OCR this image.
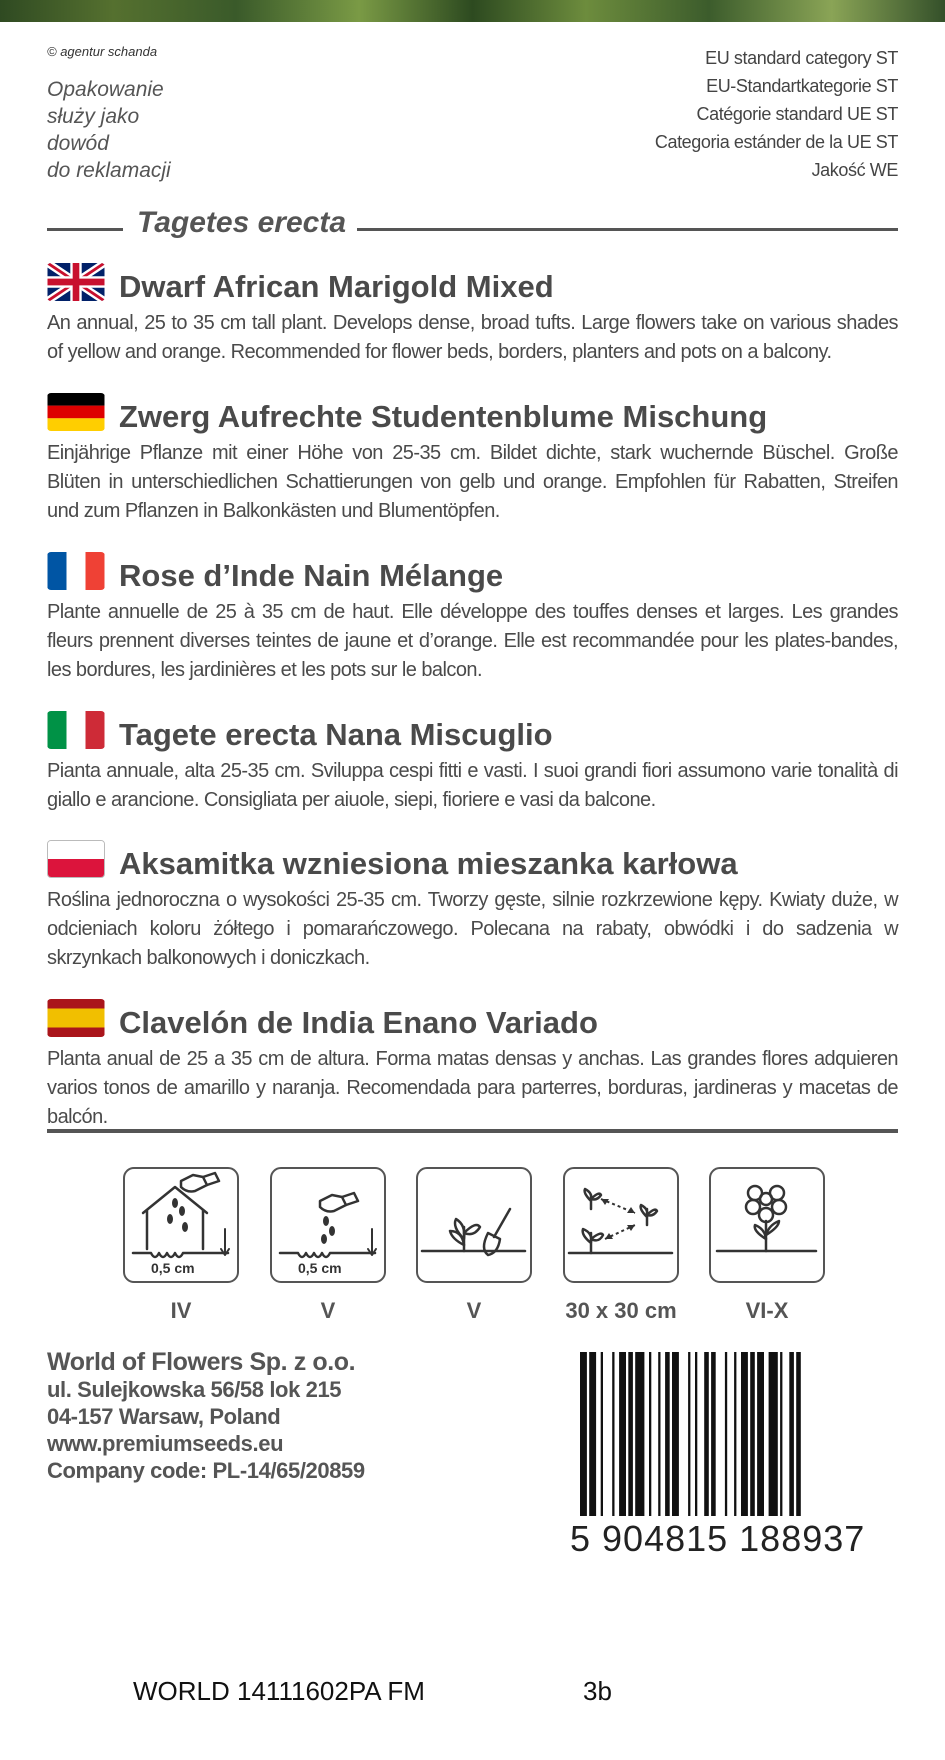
© agentur schanda
Opakowanie
służy jako
dowód
do reklamacji
EU standard category ST
EU-Standartkategorie ST
Catégorie standard UE ST
Categoria estánder de la UE ST
Jakość WE
Tagetes erecta
Dwarf African Marigold Mixed

An annual, 25 to 35 cm tall plant. Develops dense, broad tufts. Large flowers take on various shades of yellow and orange. Recommended for flower beds, borders, planters and pots on a balcony.

Zwerg Aufrechte Studentenblume Mischung

Einjährige Pflanze mit einer Höhe von 25-35 cm. Bildet dichte, stark wuchernde Büschel. Große Blüten in unterschiedlichen Schattierungen von gelb und orange. Empfohlen für Rabatten, Streifen und zum Pflanzen in Balkonkästen und Blumentöpfen.

Rose d’Inde Nain Mélange

Plante annuelle de 25 à 35 cm de haut. Elle développe des touffes denses et larges. Les grandes fleurs prennent diverses teintes de jaune et d’orange. Elle est recommandée pour les plates-bandes, les bordures, les jardinières et les pots sur le balcon.

Tagete erecta Nana Miscuglio

Pianta annuale, alta 25-35 cm. Sviluppa cespi fitti e vasti. I suoi grandi fiori assumono varie tonalità di giallo e arancione. Consigliata per aiuole, siepi, fioriere e vasi da balcone.

Aksamitka wzniesiona mieszanka karłowa

Roślina jednoroczna o wysokości 25-35 cm. Tworzy gęste, silnie rozkrzewione kępy. Kwiaty duże, w odcieniach koloru żółtego i pomarańczowego. Polecana na rabaty, obwódki i do sadzenia w skrzynkach balkonowych i doniczkach.

Clavelón de India Enano Variado

Planta anual de 25 a 35 cm de altura. Forma matas densas y anchas. Las grandes flores adquieren varios tonos de amarillo y naranja. Recomendada para parterres, borduras, jardineras y macetas de balcón.

0,5 cm
IV
0,5 cm
V	V	30 x 30 cm	VI-X
World of Flowers Sp. z o.o.
ul. Sulejkowska 56/58 lok 215
04-157 Warsaw, Poland
www.premiumseeds.eu
Company code: PL-14/65/20859
5 904815 188937
WORLD 14111602PA FM	3b
